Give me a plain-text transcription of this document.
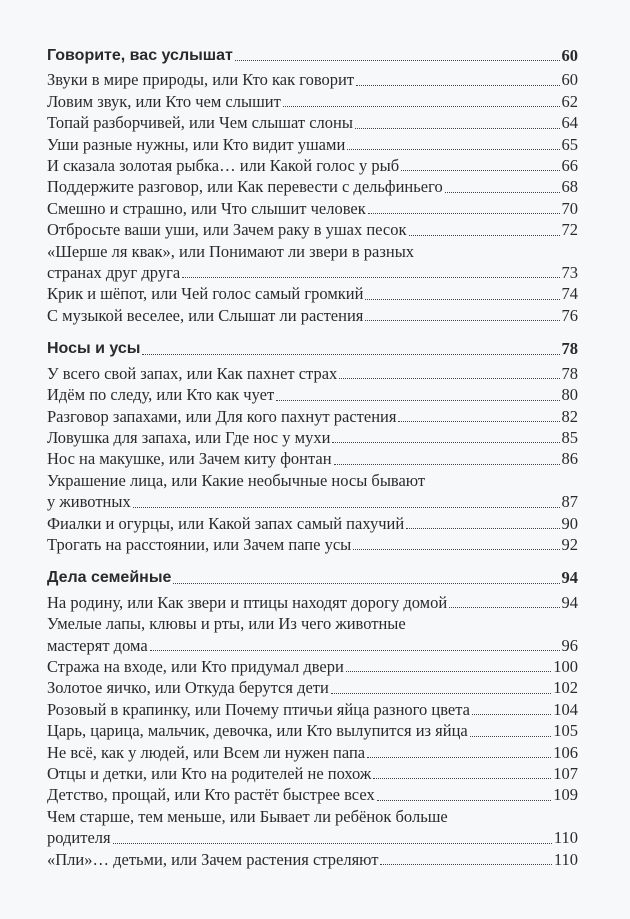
Говорите, вас услышат	60
Звуки в мире природы, или Кто как говорит	60
Ловим звук, или Кто чем слышит	62
Топай разборчивей, или Чем слышат слоны	64
Уши разные нужны, или Кто видит ушами	65
И сказала золотая рыбка… или Какой голос у рыб	66
Поддержите разговор, или Как перевести с дельфиньего	68
Смешно и страшно, или Что слышит человек	70
Отбросьте ваши уши, или Зачем раку в ушах песок	72
«Шерше ля квак», или Понимают ли звери в разных
странах друг друга	73
Крик и шёпот, или Чей голос самый громкий	74
С музыкой веселее, или Слышат ли растения	76
Носы и усы	78
У всего свой запах, или Как пахнет страх	78
Идём по следу, или Кто как чует	80
Разговор запахами, или Для кого пахнут растения	82
Ловушка для запаха, или Где нос у мухи	85
Нос на макушке, или Зачем киту фонтан	86
Украшение лица, или Какие необычные носы бывают
у животных	87
Фиалки и огурцы, или Какой запах самый пахучий	90
Трогать на расстоянии, или Зачем папе усы	92
Дела семейные	94
На родину, или Как звери и птицы находят дорогу домой	94
Умелые лапы, клювы и рты, или Из чего животные
мастерят дома	96
Стража на входе, или Кто придумал двери	100
Золотое яичко, или Откуда берутся дети	102
Розовый в крапинку, или Почему птичьи яйца разного цвета	104
Царь, царица, мальчик, девочка, или Кто вылупится из яйца	105
Не всё, как у людей, или Всем ли нужен папа	106
Отцы и детки, или Кто на родителей не похож	107
Детство, прощай, или Кто растёт быстрее всех	109
Чем старше, тем меньше, или Бывает ли ребёнок больше
родителя	110
«Пли»… детьми, или Зачем растения стреляют	110
